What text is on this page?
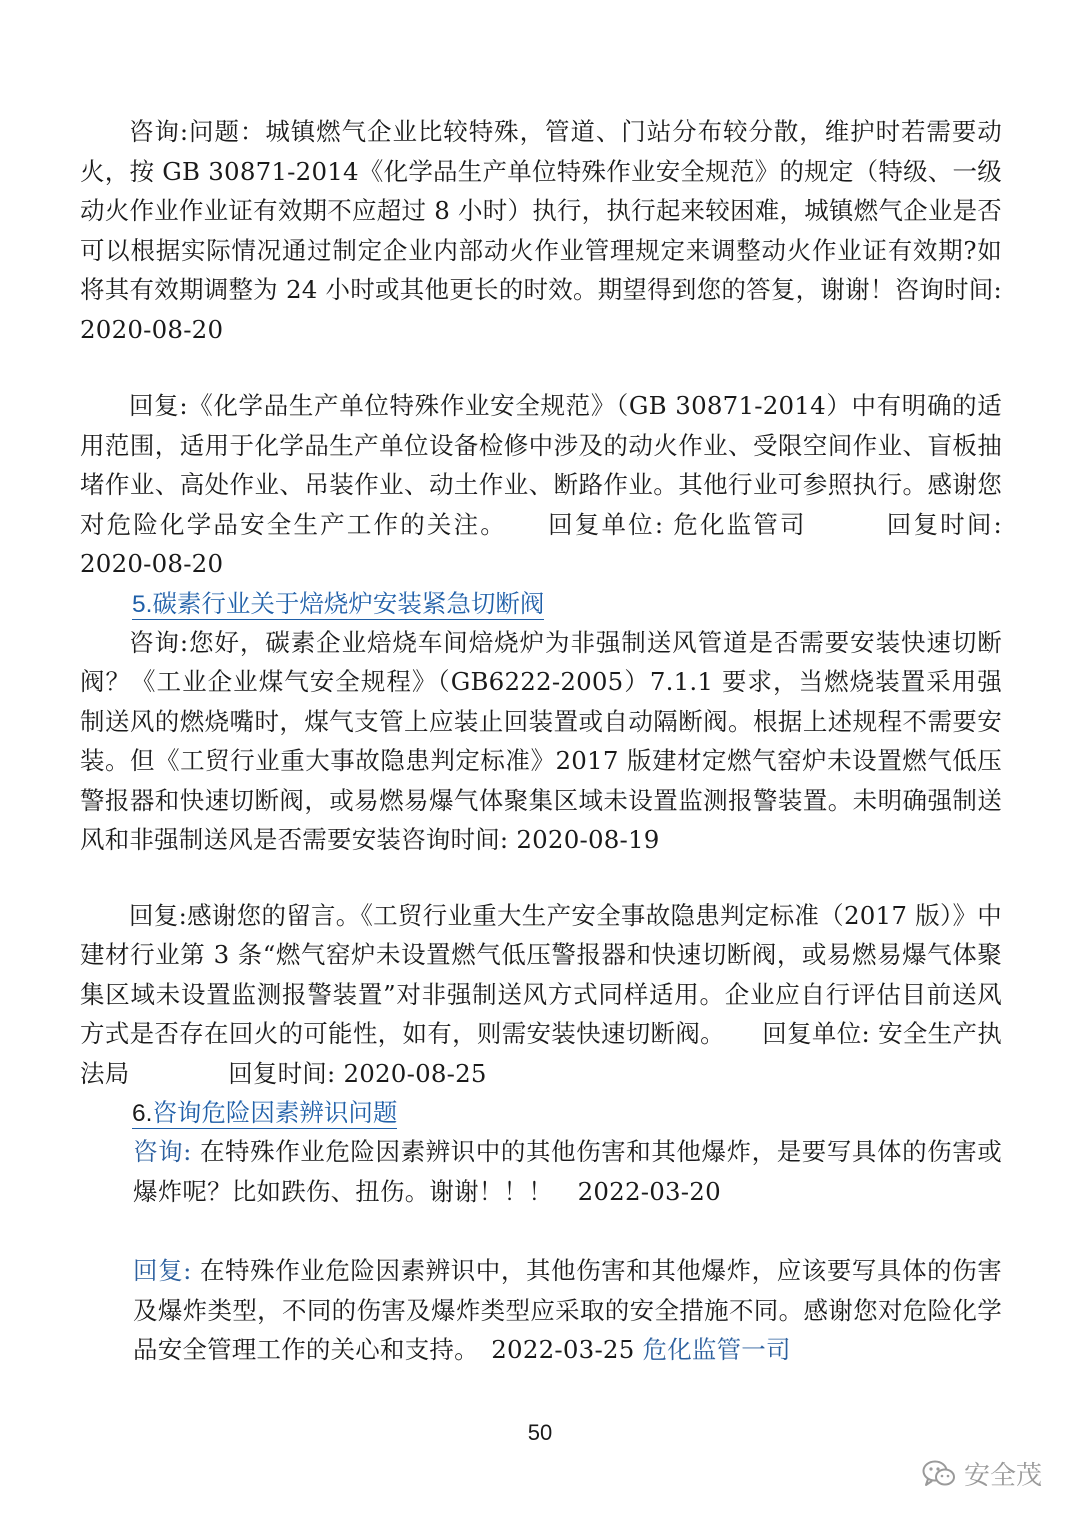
咨询:问题：城镇燃气企业比较特殊，管道、门站分布较分散，维护时若需要动火，按 GB 30871-2014《化学品生产单位特殊作业安全规范》的规定（特级、一级动火作业作业证有效期不应超过 8 小时）执行，执行起来较困难，城镇燃气企业是否可以根据实际情况通过制定企业内部动火作业管理规定来调整动火作业证有效期?如将其有效期调整为 24 小时或其他更长的时效。期望得到您的答复，谢谢！咨询时间: 2020-08-20

回复:《化学品生产单位特殊作业安全规范》（GB 30871-2014）中有明确的适用范围，适用于化学品生产单位设备检修中涉及的动火作业、受限空间作业、盲板抽堵作业、高处作业、吊装作业、动土作业、断路作业。其他行业可参照执行。感谢您对危险化学品安全生产工作的关注。　　回复单位: 危化监管司　　　回复时间: 2020-08-20

5.碳素行业关于焙烧炉安装紧急切断阀

咨询:您好，碳素企业焙烧车间焙烧炉为非强制送风管道是否需要安装快速切断阀？《工业企业煤气安全规程》（GB6222-2005）7.1.1 要求，当燃烧装置采用强制送风的燃烧嘴时，煤气支管上应装止回装置或自动隔断阀。根据上述规程不需要安装。但《工贸行业重大事故隐患判定标准》2017 版建材定燃气窑炉未设置燃气低压警报器和快速切断阀，或易燃易爆气体聚集区域未设置监测报警装置。未明确强制送风和非强制送风是否需要安装咨询时间: 2020-08-19

回复:感谢您的留言。《工贸行业重大生产安全事故隐患判定标准（2017 版）》中建材行业第 3 条“燃气窑炉未设置燃气低压警报器和快速切断阀，或易燃易爆气体聚集区域未设置监测报警装置”对非强制送风方式同样适用。企业应自行评估目前送风方式是否存在回火的可能性，如有，则需安装快速切断阀。　　回复单位: 安全生产执法局　　　　回复时间: 2020-08-25

6.咨询危险因素辨识问题

咨询: 在特殊作业危险因素辨识中的其他伤害和其他爆炸，是要写具体的伤害或爆炸呢？比如跌伤、扭伤。谢谢！！！　2022-03-20

回复: 在特殊作业危险因素辨识中，其他伤害和其他爆炸，应该要写具体的伤害及爆炸类型，不同的伤害及爆炸类型应采取的安全措施不同。感谢您对危险化学品安全管理工作的关心和支持。　2022-03-25 危化监管一司

50
安全茂
